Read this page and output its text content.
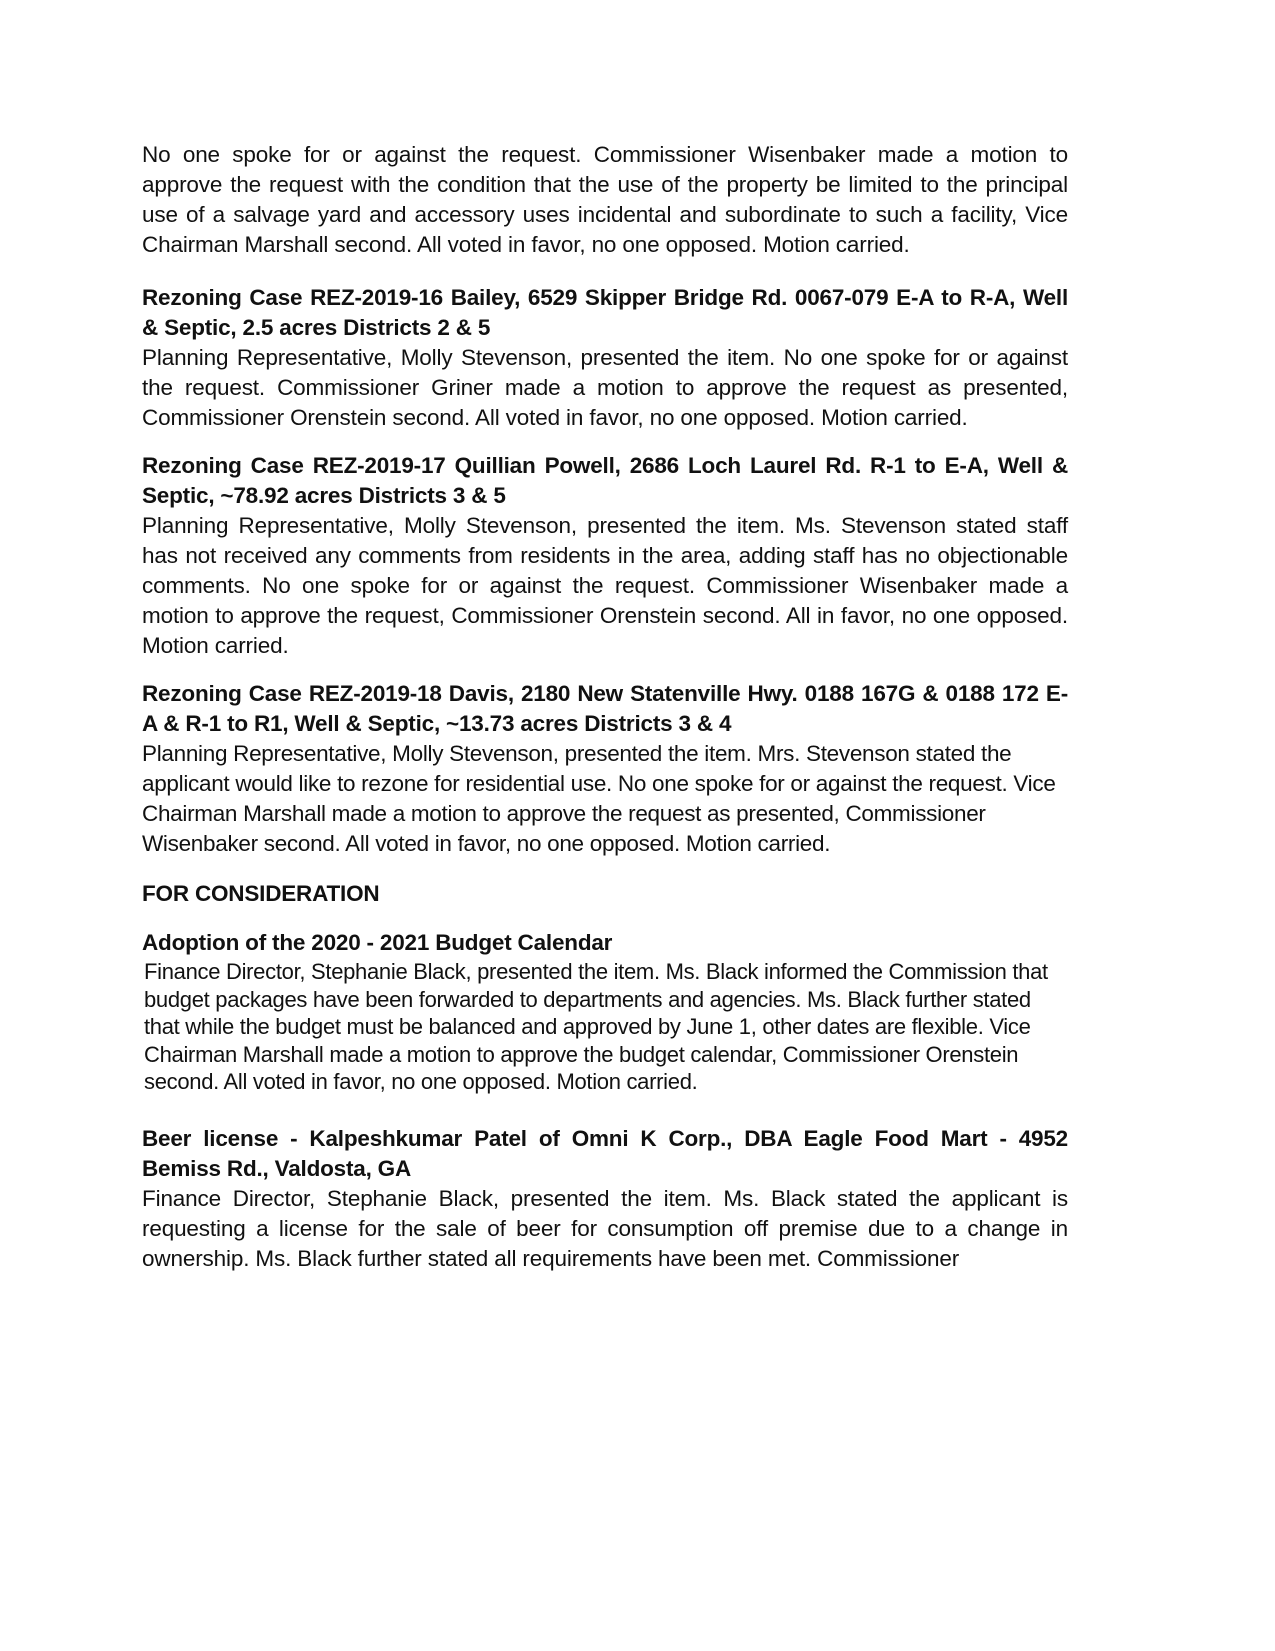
No one spoke for or against the request. Commissioner Wisenbaker made a motion to approve the request with the condition that the use of the property be limited to the principal use of a salvage yard and accessory uses incidental and subordinate to such a facility, Vice Chairman Marshall second. All voted in favor, no one opposed. Motion carried.

Rezoning Case REZ-2019-16 Bailey, 6529 Skipper Bridge Rd. 0067-079 E-A to R-A, Well & Septic, 2.5 acres Districts 2 & 5

Planning Representative, Molly Stevenson, presented the item. No one spoke for or against the request. Commissioner Griner made a motion to approve the request as presented, Commissioner Orenstein second. All voted in favor, no one opposed. Motion carried.

Rezoning Case REZ-2019-17 Quillian Powell, 2686 Loch Laurel Rd. R-1 to E-A, Well & Septic, ~78.92 acres Districts 3 & 5

Planning Representative, Molly Stevenson, presented the item. Ms. Stevenson stated staff has not received any comments from residents in the area, adding staff has no objectionable comments. No one spoke for or against the request. Commissioner Wisenbaker made a motion to approve the request, Commissioner Orenstein second. All in favor, no one opposed. Motion carried.

Rezoning Case REZ-2019-18 Davis, 2180 New Statenville Hwy. 0188 167G & 0188 172 E-A & R-1 to R1, Well & Septic, ~13.73 acres Districts 3 & 4

Planning Representative, Molly Stevenson, presented the item. Mrs. Stevenson stated the applicant would like to rezone for residential use. No one spoke for or against the request. Vice Chairman Marshall made a motion to approve the request as presented, Commissioner Wisenbaker second. All voted in favor, no one opposed. Motion carried.

FOR CONSIDERATION

Adoption of the 2020 - 2021 Budget Calendar

Finance Director, Stephanie Black, presented the item. Ms. Black informed the Commission that budget packages have been forwarded to departments and agencies. Ms. Black further stated that while the budget must be balanced and approved by June 1, other dates are flexible. Vice Chairman Marshall made a motion to approve the budget calendar, Commissioner Orenstein second. All voted in favor, no one opposed. Motion carried.

Beer license - Kalpeshkumar Patel of Omni K Corp., DBA Eagle Food Mart - 4952 Bemiss Rd., Valdosta, GA

Finance Director, Stephanie Black, presented the item. Ms. Black stated the applicant is requesting a license for the sale of beer for consumption off premise due to a change in ownership. Ms. Black further stated all requirements have been met. Commissioner
